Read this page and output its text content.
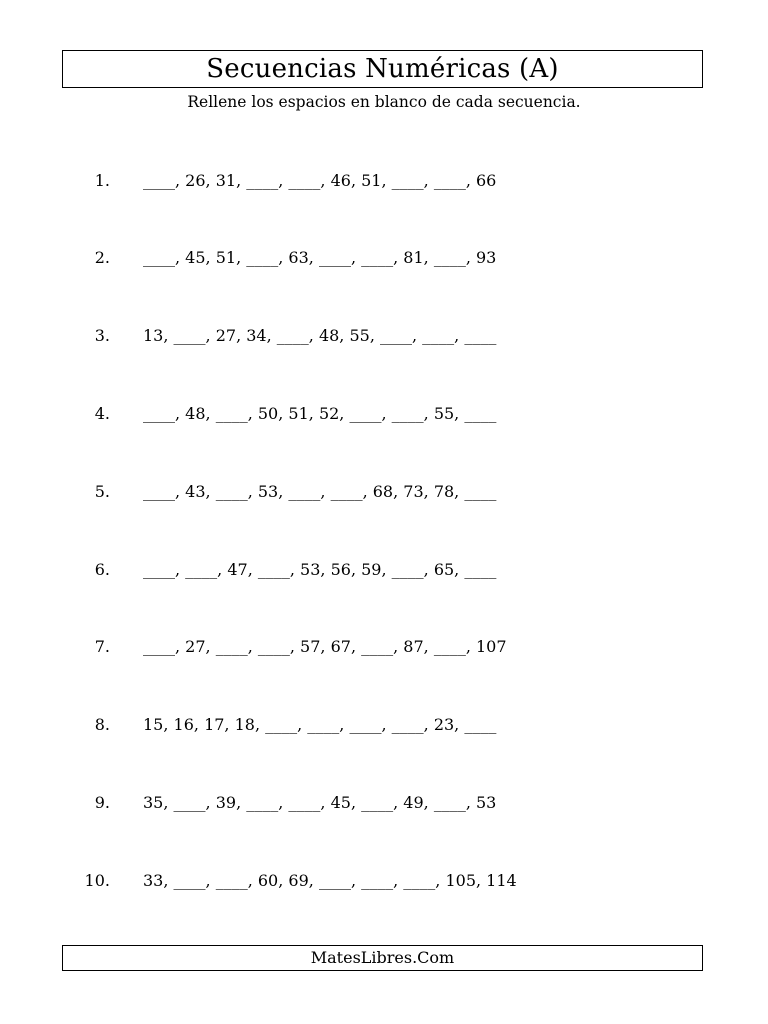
Secuencias Numéricas (A)
Rellene los espacios en blanco de cada secuencia.
1. ____, 26, 31, ____, ____, 46, 51, ____, ____, 66
2. ____, 45, 51, ____, 63, ____, ____, 81, ____, 93
3. 13, ____, 27, 34, ____, 48, 55, ____, ____, ____
4. ____, 48, ____, 50, 51, 52, ____, ____, 55, ____
5. ____, 43, ____, 53, ____, ____, 68, 73, 78, ____
6. ____, ____, 47, ____, 53, 56, 59, ____, 65, ____
7. ____, 27, ____, ____, 57, 67, ____, 87, ____, 107
8. 15, 16, 17, 18, ____, ____, ____, ____, 23, ____
9. 35, ____, 39, ____, ____, 45, ____, 49, ____, 53
10. 33, ____, ____, 60, 69, ____, ____, ____, 105, 114
MatesLibres.Com
